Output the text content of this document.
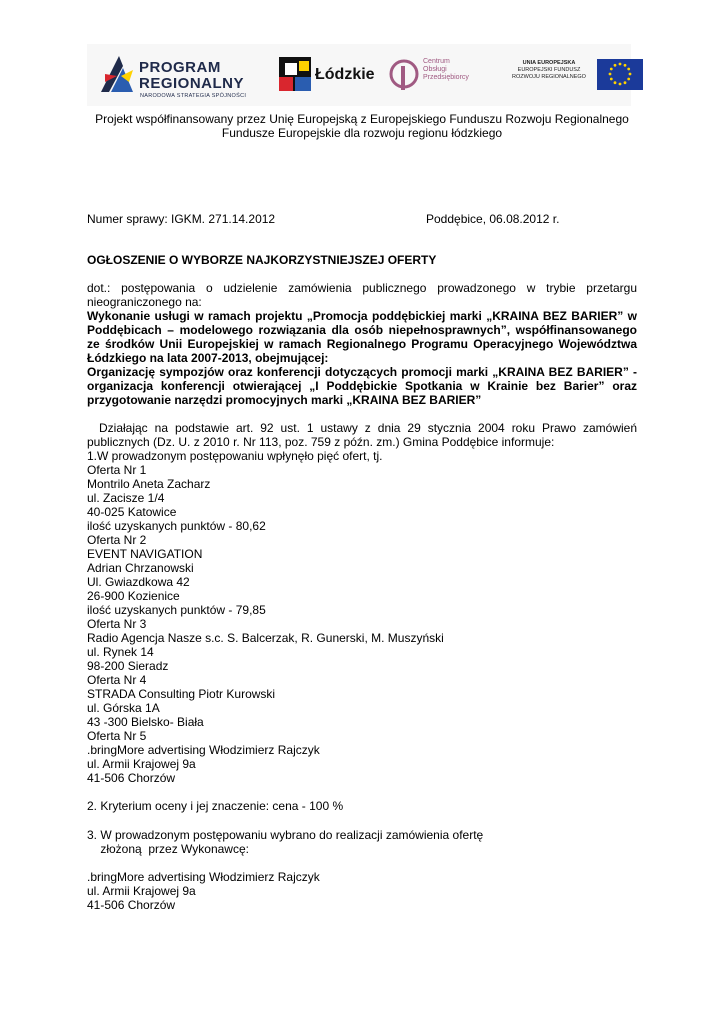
PROGRAM
REGIONALNY
NARODOWA STRATEGIA SPÓJNOŚCI
Łódzkie
Centrum
Obsługi
Przedsiębiorcy
UNIA EUROPEJSKA
EUROPEJSKI FUNDUSZ
ROZWOJU REGIONALNEGO
Projekt współfinansowany przez Unię Europejską z Europejskiego Funduszu Rozwoju Regionalnego
Fundusze Europejskie dla rozwoju regionu łódzkiego
Numer sprawy: IGKM. 271.14.2012	Poddębice, 06.08.2012 r.
OGŁOSZENIE O WYBORZE NAJKORZYSTNIEJSZEJ OFERTY
dot.: postępowania o udzielenie zamówienia publicznego prowadzonego w trybie przetargu
nieograniczonego na:
Wykonanie usługi w ramach projektu „Promocja poddębickiej marki „KRAINA BEZ BARIER” w
Poddębicach – modelowego rozwiązania dla osób niepełnosprawnych”, współfinansowanego
ze środków Unii Europejskiej w ramach Regionalnego Programu Operacyjnego Województwa
Łódzkiego na lata 2007-2013, obejmującej:
Organizację sympozjów oraz konferencji dotyczących promocji marki „KRAINA BEZ BARIER” -
organizacja konferencji otwierającej „I Poddębickie Spotkania w Krainie bez Barier” oraz
przygotowanie narzędzi promocyjnych marki „KRAINA BEZ BARIER”
Działając na podstawie art. 92 ust. 1 ustawy z dnia 29 stycznia 2004 roku Prawo zamówień
publicznych (Dz. U. z 2010 r. Nr 113, poz. 759 z późn. zm.) Gmina Poddębice informuje:
1.W prowadzonym postępowaniu wpłynęło pięć ofert, tj.
Oferta Nr 1
Montrilo Aneta Zacharz
ul. Zacisze 1/4
40-025 Katowice
ilość uzyskanych punktów - 80,62
Oferta Nr 2
EVENT NAVIGATION
Adrian Chrzanowski
Ul. Gwiazdkowa 42
26-900 Kozienice
ilość uzyskanych punktów - 79,85
Oferta Nr 3
Radio Agencja Nasze s.c. S. Balcerzak, R. Gunerski, M. Muszyński
ul. Rynek 14
98-200 Sieradz
Oferta Nr 4
STRADA Consulting Piotr Kurowski
ul. Górska 1A
43 -300 Bielsko- Biała
Oferta Nr 5
.bringMore advertising Włodzimierz Rajczyk
ul. Armii Krajowej 9a
41-506 Chorzów
2. Kryterium oceny i jej znaczenie: cena - 100 %
3. W prowadzonym postępowaniu wybrano do realizacji zamówienia ofertę
złożoną  przez Wykonawcę:
.bringMore advertising Włodzimierz Rajczyk
ul. Armii Krajowej 9a
41-506 Chorzów
